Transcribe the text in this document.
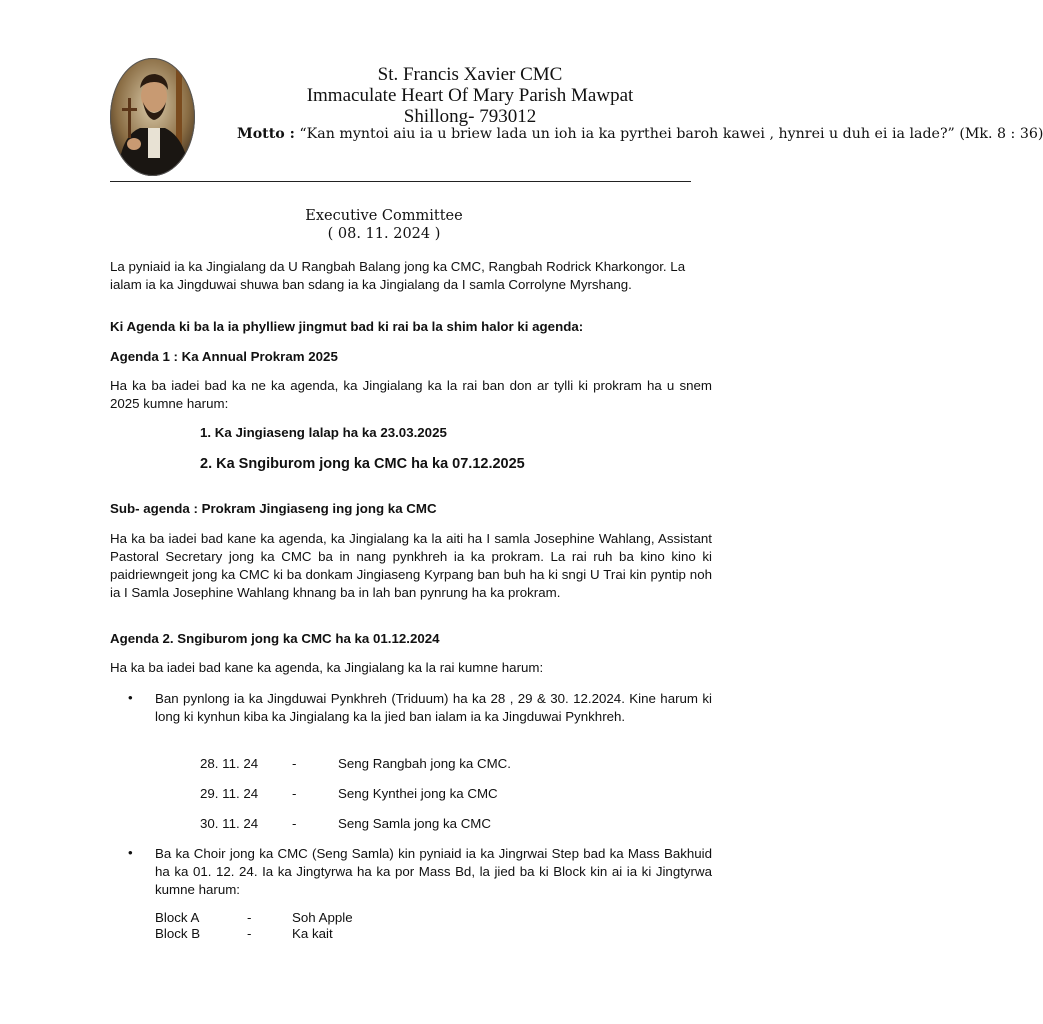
St. Francis Xavier CMC
Immaculate Heart Of Mary Parish Mawpat
Shillong- 793012
Motto : “Kan myntoi aiu ia u briew lada un ioh ia ka pyrthei baroh kawei , hynrei u duh ei ia lade?” (Mk. 8 : 36)
Executive Committee
( 08. 11. 2024 )
La pyniaid ia ka Jingialang da U Rangbah Balang jong ka CMC, Rangbah Rodrick Kharkongor. La ialam ia ka Jingduwai shuwa ban sdang ia ka Jingialang da I samla Corrolyne Myrshang.
Ki Agenda ki ba la ia phylliew jingmut bad ki rai ba la shim halor ki agenda:
Agenda 1 : Ka Annual Prokram 2025
Ha ka ba iadei bad ka ne ka agenda, ka Jingialang ka la rai ban don ar tylli ki prokram ha u snem 2025 kumne harum:
1. Ka Jingiaseng lalap ha ka 23.03.2025
2. Ka Sngiburom jong ka CMC ha ka 07.12.2025
Sub- agenda : Prokram Jingiaseng ing jong ka CMC
Ha ka ba iadei bad kane ka agenda, ka Jingialang ka la aiti ha I samla Josephine Wahlang, Assistant Pastoral Secretary jong ka CMC ba in nang pynkhreh ia ka prokram. La rai ruh ba kino kino ki paidriewngeit jong ka CMC ki ba donkam Jingiaseng Kyrpang ban buh ha ki sngi U Trai kin pyntip noh ia I Samla Josephine Wahlang khnang ba in lah ban pynrung ha ka prokram.
Agenda 2. Sngiburom jong ka CMC ha ka 01.12.2024
Ha ka ba iadei bad kane ka agenda, ka Jingialang ka la rai kumne harum:
•	Ban pynlong ia ka Jingduwai Pynkhreh (Triduum) ha ka 28 , 29 & 30. 12.2024. Kine harum ki long ki kynhun kiba ka Jingialang ka la jied ban ialam ia ka Jingduwai Pynkhreh.
28. 11. 24	-	Seng Rangbah jong ka CMC.
29. 11. 24	-	Seng Kynthei jong ka CMC
30. 11. 24	-	Seng Samla jong ka CMC
•	Ba ka Choir jong ka CMC (Seng Samla) kin pyniaid ia ka Jingrwai Step bad ka Mass Bakhuid ha ka 01. 12. 24. Ia ka Jingtyrwa ha ka por Mass Bd, la jied ba ki Block kin ai ia ki Jingtyrwa kumne harum:
Block A	-	Soh Apple
Block B	-	Ka kait
